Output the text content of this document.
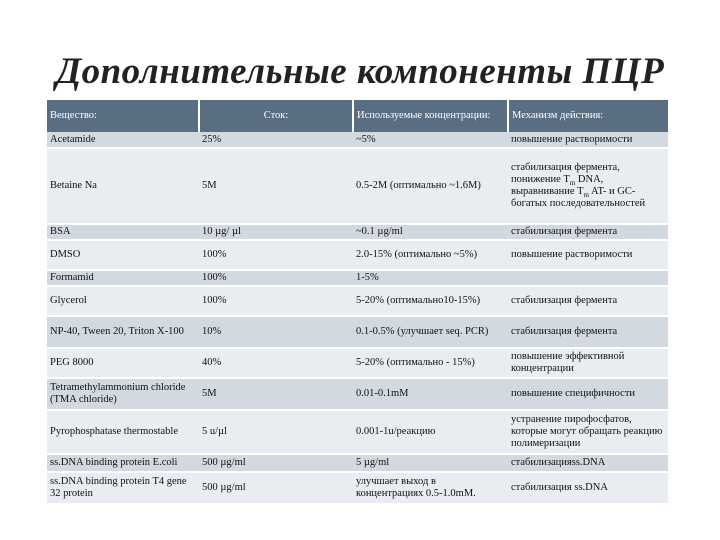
Дополнительные компоненты ПЦР
Вещество:	Сток:	Используемые концентрации:	Механизм действия:
Acetamide	25%	~5%	повышение растворимости
Betaine Na	5M	0.5-2M (оптимально ~1.6M)	стабилизация фермента, понижение $T_m$ DNA, выравнивание $T_m$ AT- и GC-богатых последовательностей
BSA	10 µg/ µl	~0.1 µg/ml	стабилизация фермента
DMSO	100%	2.0-15% (оптимально ~5%)	повышение растворимости
Formamid	100%	1-5%	
Glycerol	100%	5-20% (оптимально10-15%)	стабилизация фермента
NP-40, Tween 20, Triton X-100	10%	0.1-0.5% (улучшает seq. PCR)	стабилизация фермента
PEG 8000	40%	5-20% (оптимально - 15%)	повышение эффективной концентрации
Tetramethylammonium chloride (TMA chloride)	5M	0.01-0.1mM	повышение специфичности
Pyrophosphatase thermostable	5 u/µl	0.001-1u/реакцию	устранение пирофосфатов, которые могут обращать реакцию полимеризации
ss.DNA binding protein E.coli	500 µg/ml	5 µg/ml	стабилизацияss.DNA
ss.DNA binding protein T4 gene 32 protein	500 µg/ml	улучшает выход в концентрациях 0.5-1.0mM.	стабилизация ss.DNA
